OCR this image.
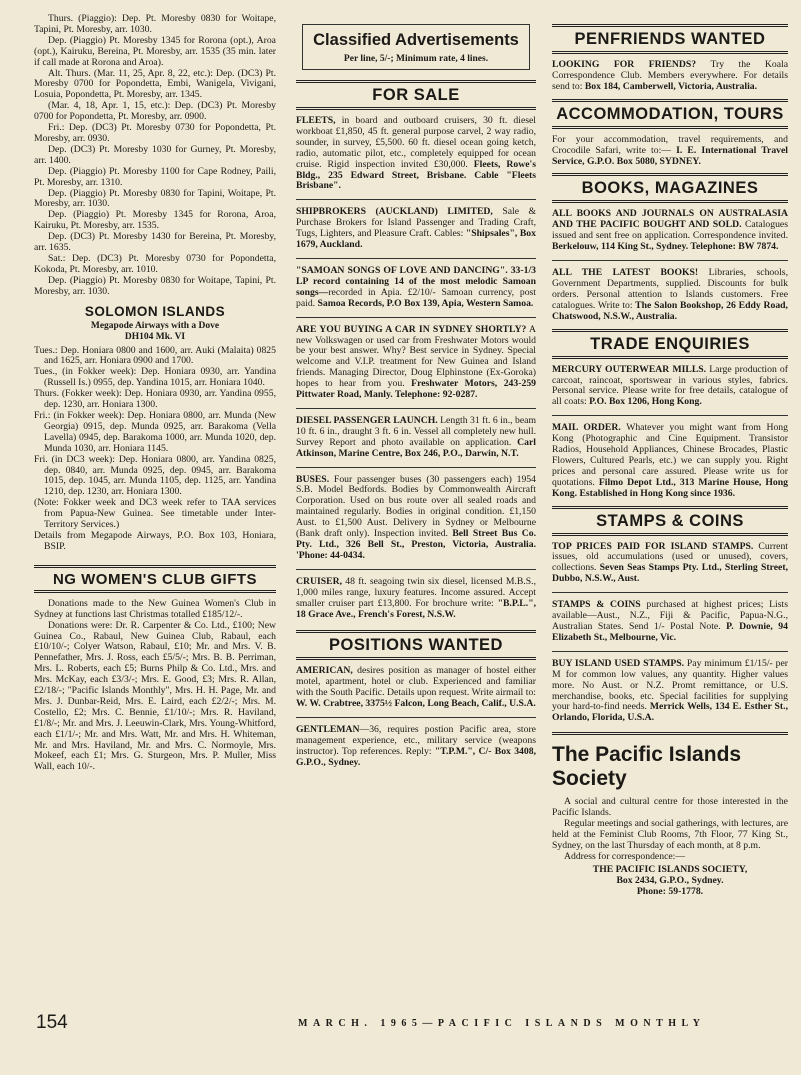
Thurs. (Piaggio): Dep. Pt. Moresby 0830 for Woitape, Tapini, Pt. Moresby, arr. 1030.

Dep. (Piaggio) Pt. Moresby 1345 for Rorona (opt.), Aroa (opt.), Kairuku, Bereina, Pt. Moresby, arr. 1535 (35 min. later if call made at Rorona and Aroa).

Alt. Thurs. (Mar. 11, 25, Apr. 8, 22, etc.): Dep. (DC3) Pt. Moresby 0700 for Popondetta, Embi, Wanigela, Vivigani, Losuia, Popondetta, Pt. Moresby, arr. 1345.

(Mar. 4, 18, Apr. 1, 15, etc.): Dep. (DC3) Pt. Moresby 0700 for Popondetta, Pt. Moresby, arr. 0900.

Fri.: Dep. (DC3) Pt. Moresby 0730 for Popondetta, Pt. Moresby, arr. 0930.

Dep. (DC3) Pt. Moresby 1030 for Gurney, Pt. Moresby, arr. 1400.

Dep. (Piaggio) Pt. Moresby 1100 for Cape Rodney, Paili, Pt. Moresby, arr. 1310.

Dep. (Piaggio) Pt. Moresby 0830 for Tapini, Woitape, Pt. Moresby, arr. 1030.

Dep. (Piaggio) Pt. Moresby 1345 for Rorona, Aroa, Kairuku, Pt. Moresby, arr. 1535.

Dep. (DC3) Pt. Moresby 1430 for Bereina, Pt. Moresby, arr. 1635.

Sat.: Dep. (DC3) Pt. Moresby 0730 for Popondetta, Kokoda, Pt. Moresby, arr. 1010.

Dep. (Piaggio) Pt. Moresby 0830 for Woitape, Tapini, Pt. Moresby, arr. 1030.

SOLOMON ISLANDS
Megapode Airways with a Dove
DH104 Mk. VI

Tues.: Dep. Honiara 0800 and 1600, arr. Auki (Malaita) 0825 and 1625, arr. Honiara 0900 and 1700.

Tues., (in Fokker week): Dep. Honiara 0930, arr. Yandina (Russell Is.) 0955, dep. Yandina 1015, arr. Honiara 1040.

Thurs. (Fokker week): Dep. Honiara 0930, arr. Yandina 0955, dep. 1230, arr. Honiara 1300.

Fri.: (in Fokker week): Dep. Honiara 0800, arr. Munda (New Georgia) 0915, dep. Munda 0925, arr. Barakoma (Vella Lavella) 0945, dep. Barakoma 1000, arr. Munda 1020, dep. Munda 1030, arr. Honiara 1145.

Fri. (in DC3 week): Dep. Honiara 0800, arr. Yandina 0825, dep. 0840, arr. Munda 0925, dep. 0945, arr. Barakoma 1015, dep. 1045, arr. Munda 1105, dep. 1125, arr. Yandina 1210, dep. 1230, arr. Honiara 1300.

(Note: Fokker week and DC3 week refer to TAA services from Papua-New Guinea. See timetable under Inter-Territory Services.)

Details from Megapode Airways, P.O. Box 103, Honiara, BSIP.

NG WOMEN'S CLUB GIFTS

Donations made to the New Guinea Women's Club in Sydney at functions last Christmas totalled £185/12/-.

Donations were: Dr. R. Carpenter & Co. Ltd., £100; New Guinea Co., Rabaul, New Guinea Club, Rabaul, each £10/10/-; Colyer Watson, Rabaul, £10; Mr. and Mrs. V. B. Pennefather, Mrs. J. Ross, each £5/5/-; Mrs. B. B. Perriman, Mrs. L. Roberts, each £5; Burns Philp & Co. Ltd., Mrs. and Mrs. McKay, each £3/3/-; Mrs. E. Good, £3; Mrs. R. Allan, £2/18/-; "Pacific Islands Monthly", Mrs. H. H. Page, Mr. and Mrs. J. Dunbar-Reid, Mrs. E. Laird, each £2/2/-; Mrs. M. Costello, £2; Mrs. C. Bennie, £1/10/-; Mrs. R. Haviland, £1/8/-; Mr. and Mrs. J. Leeuwin-Clark, Mrs. Young-Whitford, each £1/1/-; Mr. and Mrs. Watt, Mr. and Mrs. H. Whiteman, Mr. and Mrs. Haviland, Mr. and Mrs. C. Normoyle, Mrs. Mokeef, each £1; Mrs. G. Sturgeon, Mrs. P. Muller, Miss Wall, each 10/-.

Classified Advertisements
Per line, 5/-; Minimum rate, 4 lines.
FOR SALE

FLEETS, in board and outboard cruisers, 30 ft. diesel workboat £1,850, 45 ft. general purpose carvel, 2 way radio, sounder, in survey, £5,500. 60 ft. diesel ocean going ketch, radio, automatic pilot, etc., completely equipped for ocean cruise. Rigid inspection invited £30,000. Fleets, Rowe's Bldg., 235 Edward Street, Brisbane. Cable "Fleets Brisbane".

SHIPBROKERS (AUCKLAND) LIMITED, Sale & Purchase Brokers for Island Passenger and Trading Craft, Tugs, Lighters, and Pleasure Craft. Cables: "Shipsales", Box 1679, Auckland.

"SAMOAN SONGS OF LOVE AND DANCING". 33-1/3 LP record containing 14 of the most melodic Samoan songs—recorded in Apia. £2/10/- Samoan currency, post paid. Samoa Records, P.O Box 139, Apia, Western Samoa.

ARE YOU BUYING A CAR IN SYDNEY SHORTLY? A new Volkswagen or used car from Freshwater Motors would be your best answer. Why? Best service in Sydney. Special welcome and V.I.P. treatment for New Guinea and Island friends. Managing Director, Doug Elphinstone (Ex-Goroka) hopes to hear from you. Freshwater Motors, 243-259 Pittwater Road, Manly. Telephone: 92-0287.

DIESEL PASSENGER LAUNCH. Length 31 ft. 6 in., beam 10 ft. 6 in., draught 3 ft. 6 in. Vessel all completely new hull. Survey Report and photo available on application. Carl Atkinson, Marine Centre, Box 246, P.O., Darwin, N.T.

BUSES. Four passenger buses (30 passengers each) 1954 S.B. Model Bedfords. Bodies by Commonwealth Aircraft Corporation. Used on bus route over all sealed roads and maintained regularly. Bodies in original condition. £1,150 Aust. to £1,500 Aust. Delivery in Sydney or Melbourne (Bank draft only). Inspection invited. Bell Street Bus Co. Pty. Ltd., 326 Bell St., Preston, Victoria, Australia. 'Phone: 44-0434.

CRUISER, 48 ft. seagoing twin six diesel, licensed M.B.S., 1,000 miles range, luxury features. Income assured. Accept smaller cruiser part £13,800. For brochure write: "B.P.L.", 18 Grace Ave., French's Forest, N.S.W.

POSITIONS WANTED

AMERICAN, desires position as manager of hostel either motel, apartment, hotel or club. Experienced and familiar with the South Pacific. Details upon request. Write airmail to: W. W. Crabtree, 3375½ Falcon, Long Beach, Calif., U.S.A.

GENTLEMAN—36, requires postion Pacific area, store management experience, etc., military service (weapons instructor). Top references. Reply: "T.P.M.", C/- Box 3408, G.P.O., Sydney.

PENFRIENDS WANTED

LOOKING FOR FRIENDS? Try the Koala Correspondence Club. Members everywhere. For details send to: Box 184, Camberwell, Victoria, Australia.

ACCOMMODATION, TOURS

For your accommodation, travel requirements, and Crocodile Safari, write to:— I. E. International Travel Service, G.P.O. Box 5080, SYDNEY.

BOOKS, MAGAZINES

ALL BOOKS AND JOURNALS ON AUSTRALASIA AND THE PACIFIC BOUGHT AND SOLD. Catalogues issued and sent free on application. Correspondence invited. Berkelouw, 114 King St., Sydney. Telephone: BW 7874.

ALL THE LATEST BOOKS! Libraries, schools, Government Departments, supplied. Discounts for bulk orders. Personal attention to Islands customers. Free catalogues. Write to: The Salon Bookshop, 26 Eddy Road, Chatswood, N.S.W., Australia.

TRADE ENQUIRIES

MERCURY OUTERWEAR MILLS. Large production of carcoat, raincoat, sportswear in various styles, fabrics. Personal service. Please write for free details, catalogue of all coats: P.O. Box 1206, Hong Kong.

MAIL ORDER. Whatever you might want from Hong Kong (Photographic and Cine Equipment. Transistor Radios, Household Appliances, Chinese Brocades, Plastic Flowers, Cultured Pearls, etc.) we can supply you. Right prices and personal care assured. Please write us for quotations. Filmo Depot Ltd., 313 Marine House, Hong Kong. Established in Hong Kong since 1936.

STAMPS & COINS

TOP PRICES PAID FOR ISLAND STAMPS. Current issues, old accumulations (used or unused), covers, collections. Seven Seas Stamps Pty. Ltd., Sterling Street, Dubbo, N.S.W., Aust.

STAMPS & COINS purchased at highest prices; Lists available—Aust., N.Z., Fiji & Pacific, Papua-N.G., Australian States. Send 1/- Postal Note. P. Downie, 94 Elizabeth St., Melbourne, Vic.

BUY ISLAND USED STAMPS. Pay minimum £1/15/- per M for common low values, any quantity. Higher values more. No Aust. or N.Z. Promt remittance, or U.S. merchandise, books, etc. Special facilities for supplying your hard-to-find needs. Merrick Wells, 134 E. Esther St., Orlando, Florida, U.S.A.

The Pacific Islands Society

A social and cultural centre for those interested in the Pacific Islands.

Regular meetings and social gatherings, with lectures, are held at the Feminist Club Rooms, 7th Floor, 77 King St., Sydney, on the last Thursday of each month, at 8 p.m.

Address for correspondence:—

THE PACIFIC ISLANDS SOCIETY,

Box 2434, G.P.O., Sydney.

Phone: 59-1778.

154	MARCH. 1965—PACIFIC ISLANDS MONTHLY
